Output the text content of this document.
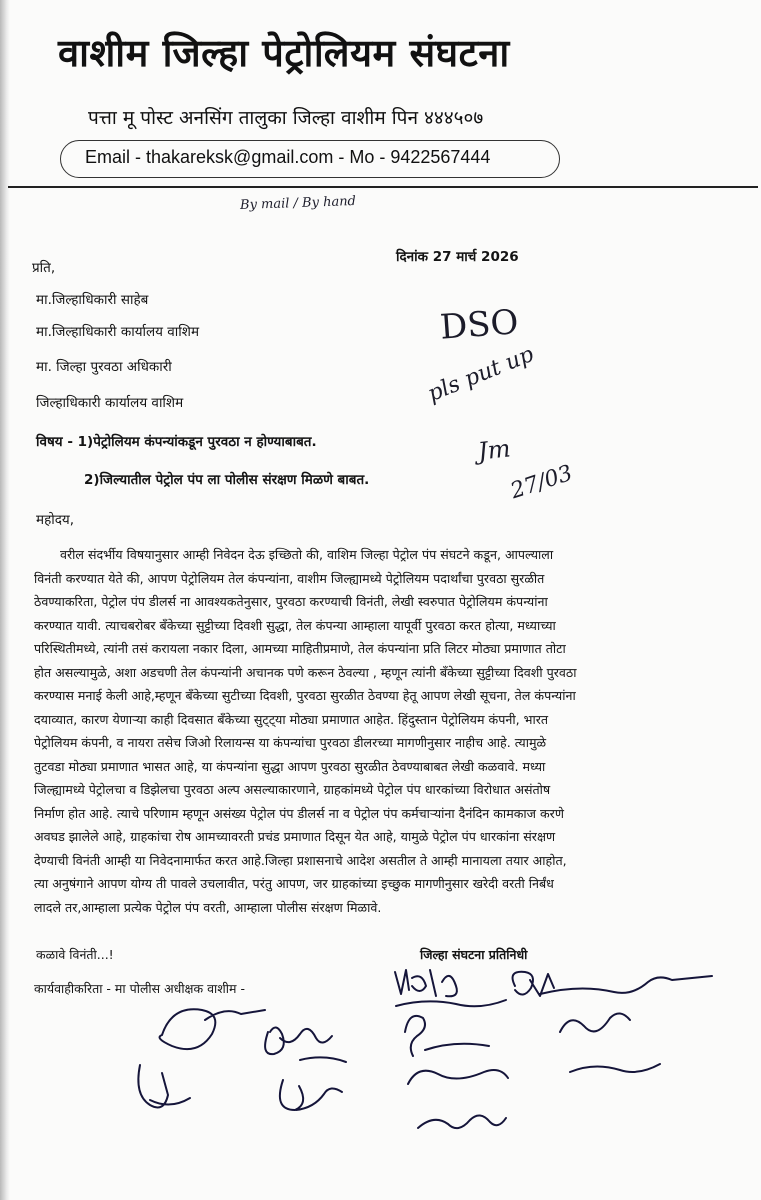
वाशीम जिल्हा पेट्रोलियम संघटना
पत्ता मू पोस्ट अनसिंग तालुका जिल्हा वाशीम पिन ४४४५०७
Email - thakareksk@gmail.com - Mo - 9422567444
By mail / By hand
दिनांक 27 मार्च 2026
प्रति,
मा.जिल्हाधिकारी साहेब
मा.जिल्हाधिकारी कार्यालय वाशिम
मा. जिल्हा पुरवठा अधिकारी
जिल्हाधिकारी कार्यालय वाशिम
DSO
pls put up
Jm
27/03
विषय - 1)पेट्रोलियम कंपन्यांकडून पुरवठा न होण्याबाबत.
2)जिल्यातील पेट्रोल पंप ला पोलीस संरक्षण मिळणे बाबत.
महोदय,
वरील संदर्भीय विषयानुसार आम्ही निवेदन देऊ इच्छितो की, वाशिम जिल्हा पेट्रोल पंप संघटने कडून, आपल्याला
विनंती करण्यात येते की, आपण पेट्रोलियम तेल कंपन्यांना, वाशीम जिल्ह्यामध्ये पेट्रोलियम पदार्थांचा पुरवठा सुरळीत
ठेवण्याकरिता, पेट्रोल पंप डीलर्स ना आवश्यकतेनुसार, पुरवठा करण्याची विनंती, लेखी स्वरुपात पेट्रोलियम कंपन्यांना
करण्यात यावी. त्याचबरोबर बँकेच्या सुट्टीच्या दिवशी सुद्धा, तेल कंपन्या आम्हाला यापूर्वी पुरवठा करत होत्या, मध्याच्या
परिस्थितीमध्ये, त्यांनी तसं करायला नकार दिला, आमच्या माहितीप्रमाणे, तेल कंपन्यांना प्रति लिटर मोठ्या प्रमाणात तोटा
होत असल्यामुळे, अशा अडचणी तेल कंपन्यांनी अचानक पणे करून ठेवल्या , म्हणून त्यांनी बँकेच्या सुट्टीच्या दिवशी पुरवठा
करण्यास मनाई केली आहे,म्हणून बँकेच्या सुटीच्या दिवशी, पुरवठा सुरळीत ठेवण्या हेतू आपण लेखी सूचना, तेल कंपन्यांना
दयाव्यात, कारण येणाऱ्या काही दिवसात बँकेच्या सुट्ट्या मोठ्या प्रमाणात आहेत. हिंदुस्तान पेट्रोलियम कंपनी, भारत
पेट्रोलियम कंपनी, व नायरा तसेच जिओ रिलायन्स या कंपन्यांचा पुरवठा डीलरच्या मागणीनुसार नाहीच आहे. त्यामुळे
तुटवडा मोठ्या प्रमाणात भासत आहे, या कंपन्यांना सुद्धा आपण पुरवठा सुरळीत ठेवण्याबाबत लेखी कळवावे. मध्या
जिल्ह्यामध्ये पेट्रोलचा व डिझेलचा पुरवठा अल्प असल्याकारणाने, ग्राहकांमध्ये पेट्रोल पंप धारकांच्या विरोधात असंतोष
निर्माण होत आहे. त्याचे परिणाम म्हणून असंख्य पेट्रोल पंप डीलर्स ना व पेट्रोल पंप कर्मचाऱ्यांना दैनंदिन कामकाज करणे
अवघड झालेले आहे, ग्राहकांचा रोष आमच्यावरती प्रचंड प्रमाणात दिसून येत आहे, यामुळे पेट्रोल पंप धारकांना संरक्षण
देण्याची विनंती आम्ही या निवेदनामार्फत करत आहे.जिल्हा प्रशासनाचे आदेश असतील ते आम्ही मानायला तयार आहोत,
त्या अनुषंगाने आपण योग्य ती पावले उचलावीत, परंतु आपण, जर ग्राहकांच्या इच्छुक मागणीनुसार खरेदी वरती निर्बंध
लादले तर,आम्हाला प्रत्येक पेट्रोल पंप वरती, आम्हाला पोलीस संरक्षण मिळावे.
कळावे विनंती...!	जिल्हा संघटना प्रतिनिधी
कार्यवाहीकरिता - मा पोलीस अधीक्षक वाशीम -
